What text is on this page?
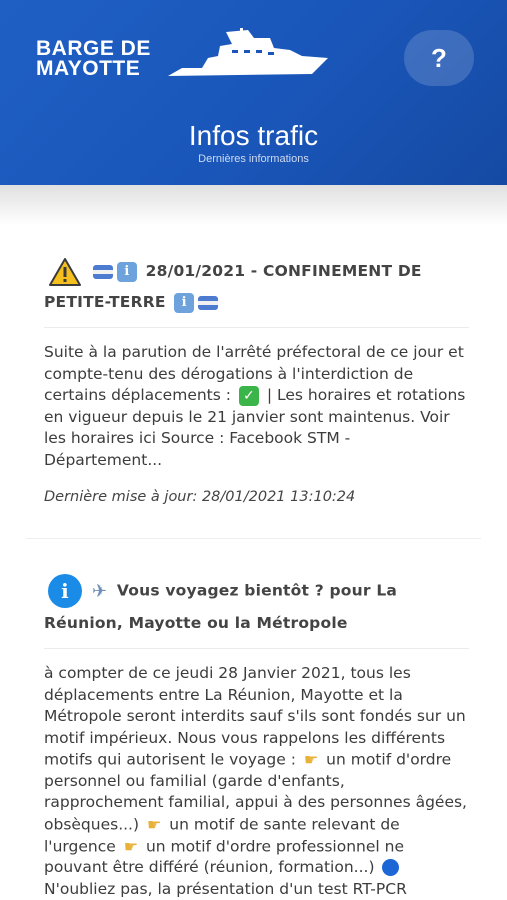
BARGE DE
MAYOTTE	?
Infos trafic
Dernières informations
i 28/01/2021 - CONFINEMENT DE PETITE-TERRE i
Suite à la parution de l'arrêté préfectoral de ce jour et compte-tenu des dérogations à l'interdiction de certains déplacements : ✓ | Les horaires et rotations en vigueur depuis le 21 janvier sont maintenus. Voir les horaires ici Source : Facebook STM - Département...
Dernière mise à jour: 28/01/2021 13:10:24
i ✈ Vous voyagez bientôt ? pour La Réunion, Mayotte ou la Métropole
à compter de ce jeudi 28 Janvier 2021, tous les déplacements entre La Réunion, Mayotte et la Métropole seront interdits sauf s'ils sont fondés sur un motif impérieux. Nous vous rappelons les différents motifs qui autorisent le voyage : ☛ un motif d'ordre personnel ou familial (garde d'enfants, rapprochement familial, appui à des personnes âgées, obsèques...) ☛ un motif de sante relevant de l'urgence ☛ un motif d'ordre professionnel ne pouvant être différé (réunion, formation...)  N'oubliez pas, la présentation d'un test RT-PCR
